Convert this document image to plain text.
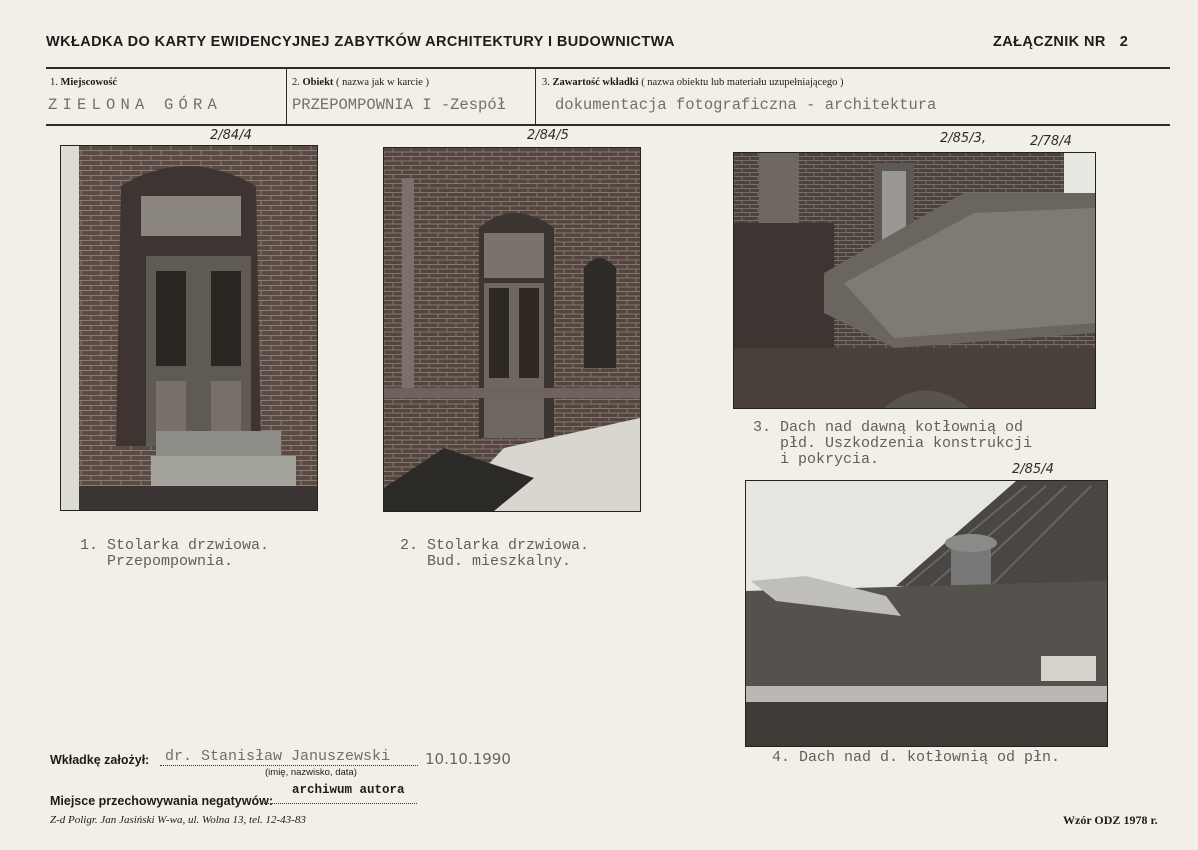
WKŁADKA DO KARTY EWIDENCYJNEJ ZABYTKÓW ARCHITEKTURY I BUDOWNICTWA	ZAŁĄCZNIK NR 2
1. Miejscowość
ZIELONA GÓRA
2. Obiekt ( nazwa jak w karcie )
PRZEPOMPOWNIA I -Zespół
3. Zawartość wkładki ( nazwa obiektu lub materiału uzupełniającego )
dokumentacja fotograficzna - architektura
2/84/4
1. Stolarka drzwiowa.
Przepompownia.
2/84/5
2. Stolarka drzwiowa.
Bud. mieszkalny.
2/85/3,	2/78/4
3. Dach nad dawną kotłownią od
płd. Uszkodzenia konstrukcji
i pokrycia.
2/85/4
4. Dach nad d. kotłownią od płn.
Wkładkę założył: dr. Stanisław Januszewski 10.10.1990
(imię, nazwisko, data)
Miejsce przechowywania negatywów:
archiwum autora
Z-d Poligr. Jan Jasiński W-wa, ul. Wolna 13, tel. 12-43-83	Wzór ODZ 1978 r.
